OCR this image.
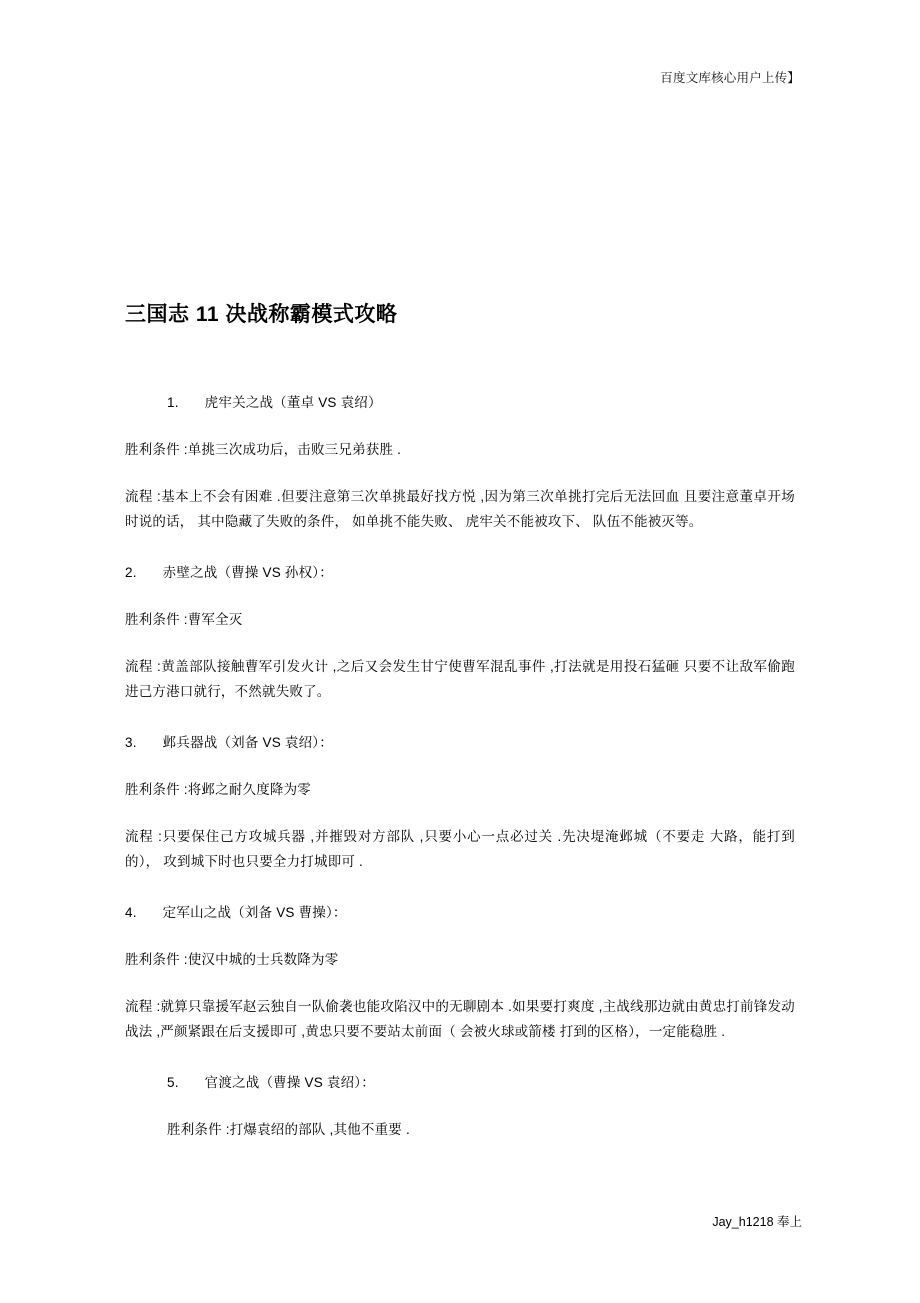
百度文库核心用户上传】
三国志 11 决战称霸模式攻略

1. 虎牢关之战（董卓 VS 袁绍）

胜利条件 :单挑三次成功后，击败三兄弟获胜 .

流程 :基本上不会有困难 .但要注意第三次单挑最好找方悦 ,因为第三次单挑打完后无法回血 且要注意董卓开场时说的话， 其中隐藏了失败的条件， 如单挑不能失败、 虎牢关不能被攻下、 队伍不能被灭等。

2. 赤壁之战（曹操 VS 孙权）：

胜利条件 :曹军全灭

流程 :黄盖部队接触曹军引发火计 ,之后又会发生甘宁使曹军混乱事件 ,打法就是用投石猛砸 只要不让敌军偷跑进己方港口就行，不然就失败了。

3. 邺兵器战（刘备 VS 袁绍）：

胜利条件 :将邺之耐久度降为零

流程 :只要保住己方攻城兵器 ,并摧毁对方部队 ,只要小心一点必过关 .先决堤淹邺城（不要走 大路，能打到的）， 攻到城下时也只要全力打城即可 .

4. 定军山之战（刘备 VS 曹操）：

胜利条件 :使汉中城的士兵数降为零

流程 :就算只靠援军赵云独自一队偷袭也能攻陷汉中的无聊剧本 .如果要打爽度 ,主战线那边就由黄忠打前锋发动战法 ,严颜紧跟在后支援即可 ,黄忠只要不要站太前面（ 会被火球或箭楼 打到的区格），一定能稳胜 .

5. 官渡之战（曹操 VS 袁绍）：

胜利条件 :打爆袁绍的部队 ,其他不重要 .

Jay_h1218 奉上
